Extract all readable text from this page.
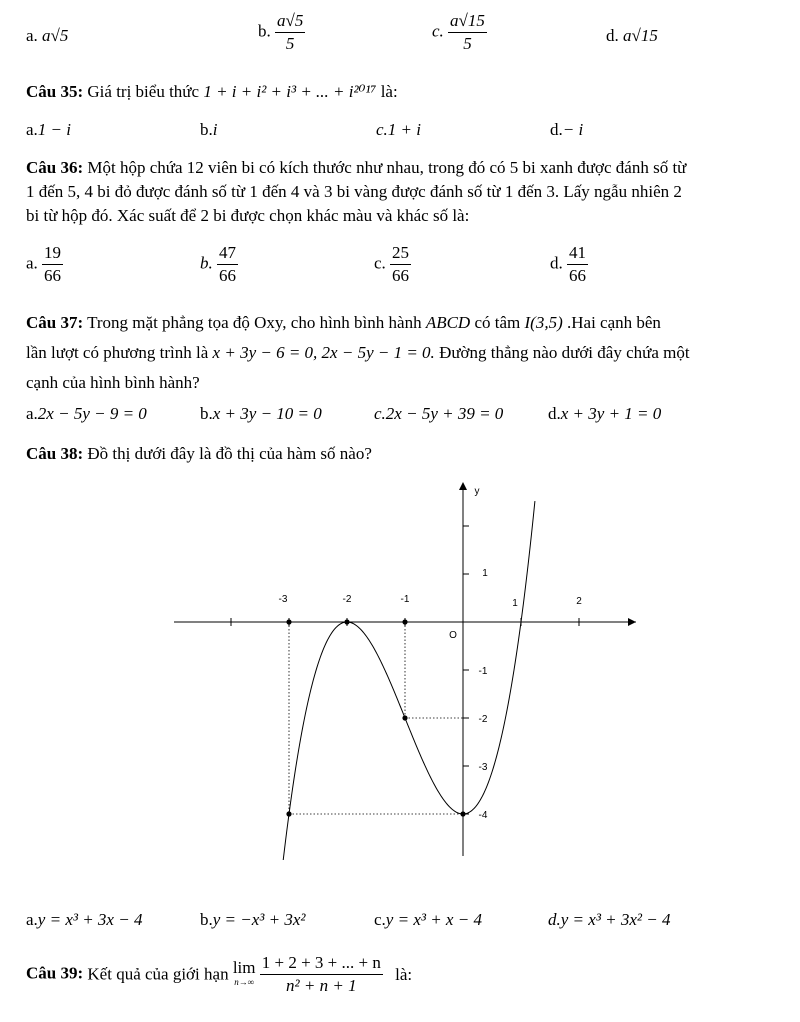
a. a√5	b. $\frac{a√5}{5}$	c. $\frac{a√15}{5}$	d. a√15
Câu 35: Giá trị biểu thức 1 + i + i² + i³ + ... + i²⁰¹⁷ là:
a.1 − i	b.i	c.1 + i	d.− i
Câu 36: Một hộp chứa 12 viên bi có kích thước như nhau, trong đó có 5 bi xanh được đánh số từ
1 đến 5, 4 bi đỏ được đánh số từ 1 đến 4 và 3 bi vàng được đánh số từ 1 đến 3. Lấy ngẫu nhiên 2
bi từ hộp đó. Xác suất để 2 bi được chọn khác màu và khác số là:
a. $\frac{19}{66}$	b. $\frac{47}{66}$	c. $\frac{25}{66}$	d. $\frac{41}{66}$
Câu 37: Trong mặt phẳng tọa độ Oxy, cho hình bình hành ABCD có tâm I(3,5) .Hai cạnh bên
lần lượt có phương trình là x + 3y − 6 = 0, 2x − 5y − 1 = 0. Đường thẳng nào dưới đây chứa một
cạnh của hình bình hành?
a.2x − 5y − 9 = 0	b.x + 3y − 10 = 0	c.2x − 5y + 39 = 0	d.x + 3y + 1 = 0
Câu 38: Đồ thị dưới đây là đồ thị của hàm số nào?
-3	-2	-1	1	2
1
-1
-2
-3
-4
O
y
a.y = x³ + 3x − 4	b.y = −x³ + 3x²	c.y = x³ + x − 4	d.y = x³ + 3x² − 4
Câu 39: Kết quả của giới hạn lim
n→∞
$\frac{1 + 2 + 3 + ... + n}{\text{n² + n + 1}}$ là:
